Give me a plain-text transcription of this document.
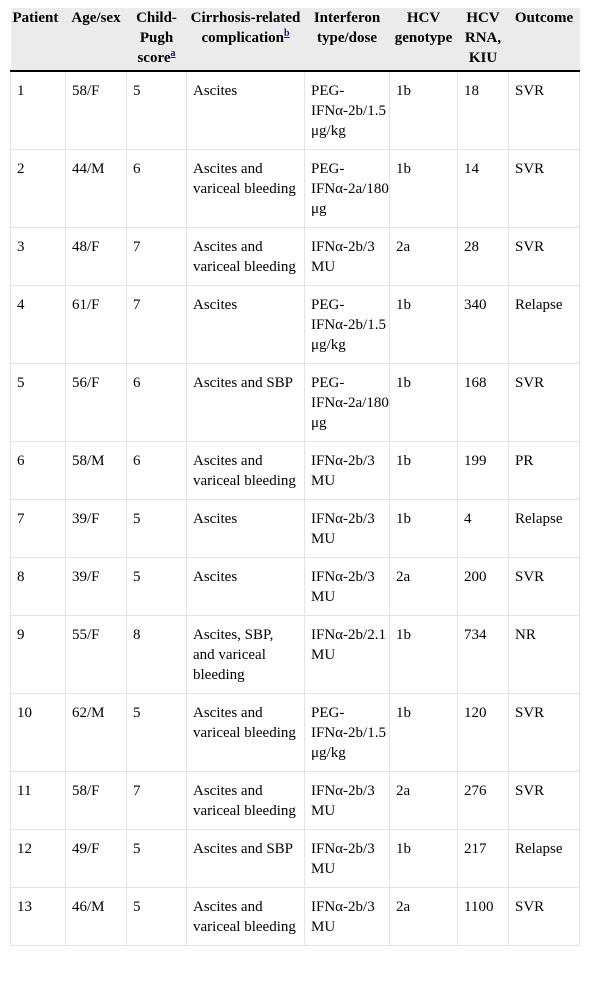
Patient	Age/sex	Child-Pugh score$^a$	Cirrhosis-related complication$^b$	Interferon type/dose	HCV genotype	HCV RNA, KIU	Outcome
1	58/F	5	Ascites	PEG-IFNα-2b/1.5 μg/kg	1b	18	SVR
2	44/M	6	Ascites and variceal bleeding	PEG-IFNα-2a/180 μg	1b	14	SVR
3	48/F	7	Ascites and variceal bleeding	IFNα-2b/3 MU	2a	28	SVR
4	61/F	7	Ascites	PEG-IFNα-2b/1.5 μg/kg	1b	340	Relapse
5	56/F	6	Ascites and SBP	PEG-IFNα-2a/180 μg	1b	168	SVR
6	58/M	6	Ascites and variceal bleeding	IFNα-2b/3 MU	1b	199	PR
7	39/F	5	Ascites	IFNα-2b/3 MU	1b	4	Relapse
8	39/F	5	Ascites	IFNα-2b/3 MU	2a	200	SVR
9	55/F	8	Ascites, SBP, and variceal bleeding	IFNα-2b/2.1 MU	1b	734	NR
10	62/M	5	Ascites and variceal bleeding	PEG-IFNα-2b/1.5 μg/kg	1b	120	SVR
11	58/F	7	Ascites and variceal bleeding	IFNα-2b/3 MU	2a	276	SVR
12	49/F	5	Ascites and SBP	IFNα-2b/3 MU	1b	217	Relapse
13	46/M	5	Ascites and variceal bleeding	IFNα-2b/3 MU	2a	1100	SVR
